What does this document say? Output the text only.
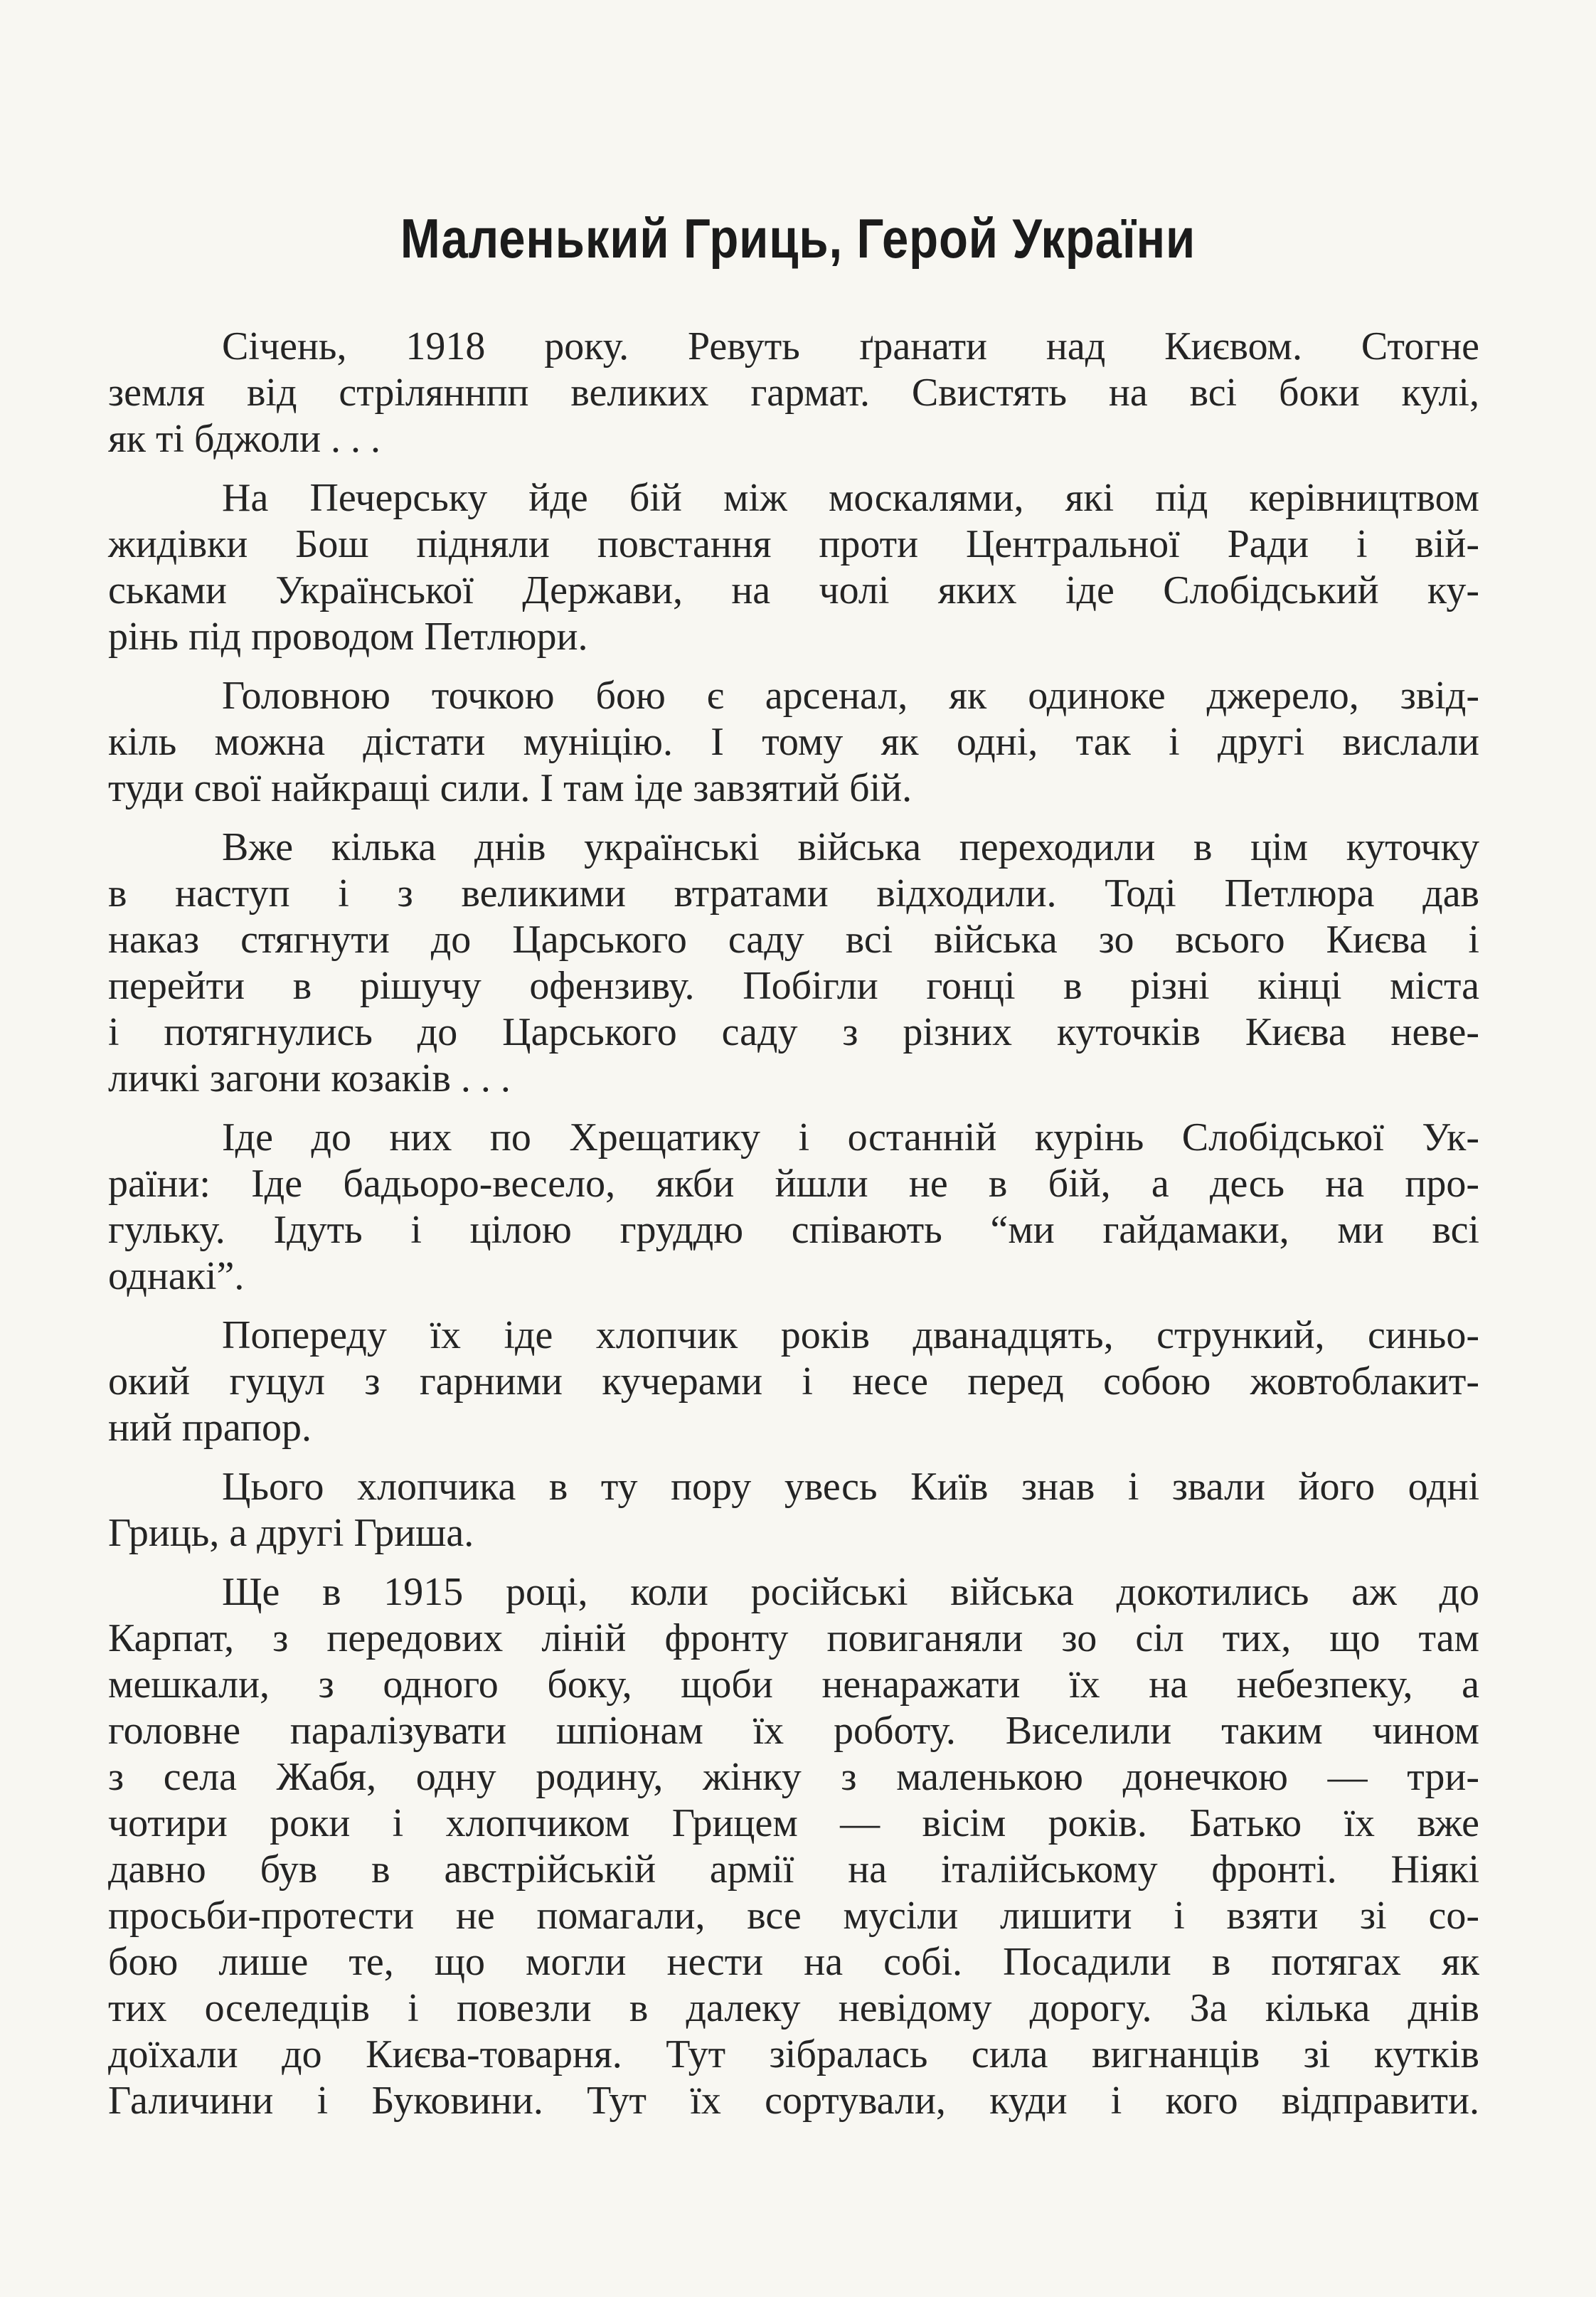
Маленький Гриць, Герой України
Січень, 1918 року. Ревуть ґранати над Києвом. Стогне
земля від стріляннпп великих гармат. Свистять на всі боки кулі,
як ті бджоли . . .
На Печерську йде бій між москалями, які під керівництвом
жидівки Бош підняли повстання проти Центральної Ради і вій-
ськами Української Держави, на чолі яких іде Слобідський ку-
рінь під проводом Петлюри.
Головною точкою бою є арсенал, як одиноке джерело, звід-
кіль можна дістати муніцію. І тому як одні, так і другі вислали
туди свої найкращі сили. І там іде завзятий бій.
Вже кілька днів українські війська переходили в цім куточку
в наступ і з великими втратами відходили. Тоді Петлюра дав
наказ стягнути до Царського саду всі війська зо всього Києва і
перейти в рішучу офензиву. Побігли гонці в різні кінці міста
і потягнулись до Царського саду з різних куточків Києва неве-
личкі загони козаків . . .
Іде до них по Хрещатику і останній курінь Слобідської Ук-
раїни: Іде бадьоро-весело, якби йшли не в бій, а десь на про-
гульку. Ідуть і цілою груддю співають “ми гайдамаки, ми всі
однакі”.
Попереду їх іде хлопчик років дванадцять, стрункий, синьо-
окий гуцул з гарними кучерами і несе перед собою жовтоблакит-
ний прапор.
Цього хлопчика в ту пору увесь Київ знав і звали його одні
Гриць, а другі Гриша.
Ще в 1915 році, коли російські війська докотились аж до
Карпат, з передових ліній фронту повиганяли зо сіл тих, що там
мешкали, з одного боку, щоби ненаражати їх на небезпеку, а
головне паралізувати шпіонам їх роботу. Виселили таким чином
з села Жабя, одну родину, жінку з маленькою донечкою — три-
чотири роки і хлопчиком Грицем — вісім років. Батько їх вже
давно був в австрійській армії на італійському фронті. Ніякі
просьби-протести не помагали, все мусіли лишити і взяти зі со-
бою лише те, що могли нести на собі. Посадили в потягах як
тих оселедців і повезли в далеку невідому дорогу. За кілька днів
доїхали до Києва-товарня. Тут зібралась сила вигнанців зі кутків
Галичини і Буковини. Тут їх сортували, куди і кого відправити.
